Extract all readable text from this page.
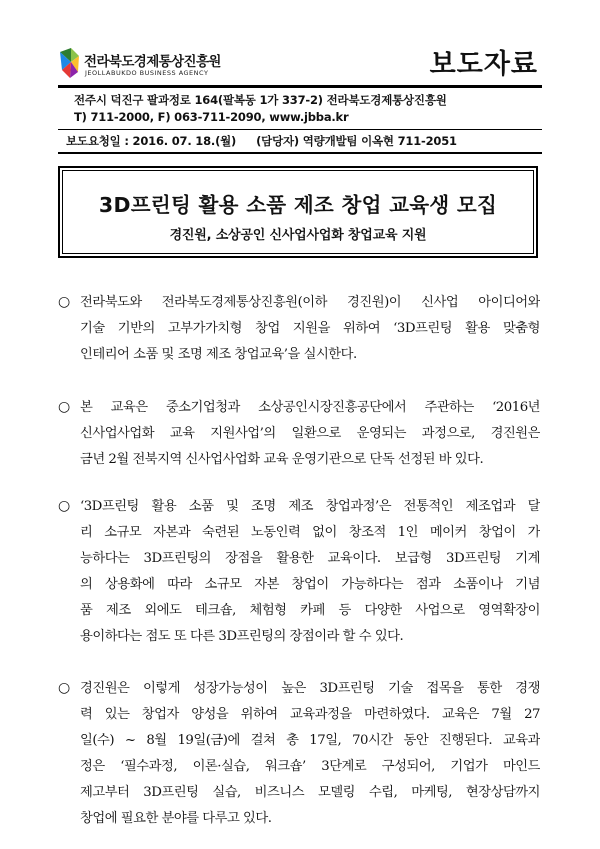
전라북도경제통상진흥원
JEOLLABUKDO BUSINESS AGENCY	보도자료
전주시 덕진구 팔과정로 164(팔복동 1가 337-2) 전라북도경제통상진흥원
T) 711-2000, F) 063-711-2090, www.jbba.kr
보도요청일 : 2016. 07. 18.(월) (담당자) 역량개발팀 이옥현 711-2051
3D프린팅 활용 소품 제조 창업 교육생 모집
경진원, 소상공인 신사업사업화 창업교육 지원
○ 전라북도와 전라북도경제통상진흥원(이하 경진원)이 신사업 아이디어와
기술 기반의 고부가가치형 창업 지원을 위하여 ‘3D프린팅 활용 맞춤형
인테리어 소품 및 조명 제조 창업교육’을 실시한다.
○ 본 교육은 중소기업청과 소상공인시장진흥공단에서 주관하는 ‘2016년
신사업사업화 교육 지원사업’의 일환으로 운영되는 과정으로, 경진원은
금년 2월 전북지역 신사업사업화 교육 운영기관으로 단독 선정된 바 있다.
○ ‘3D프린팅 활용 소품 및 조명 제조 창업과정’은 전통적인 제조업과 달
리 소규모 자본과 숙련된 노동인력 없이 창조적 1인 메이커 창업이 가
능하다는 3D프린팅의 장점을 활용한 교육이다. 보급형 3D프린팅 기계
의 상용화에 따라 소규모 자본 창업이 가능하다는 점과 소품이나 기념
품 제조 외에도 테크숍, 체험형 카페 등 다양한 사업으로 영역확장이
용이하다는 점도 또 다른 3D프린팅의 장점이라 할 수 있다.
○ 경진원은 이렇게 성장가능성이 높은 3D프린팅 기술 접목을 통한 경쟁
력 있는 창업자 양성을 위하여 교육과정을 마련하였다. 교육은 7월 27
일(수) ~ 8월 19일(금)에 걸쳐 총 17일, 70시간 동안 진행된다. 교육과
정은 ‘필수과정, 이론·실습, 워크숍’ 3단계로 구성되어, 기업가 마인드
제고부터 3D프린팅 실습, 비즈니스 모델링 수립, 마케팅, 현장상담까지
창업에 필요한 분야를 다루고 있다.
